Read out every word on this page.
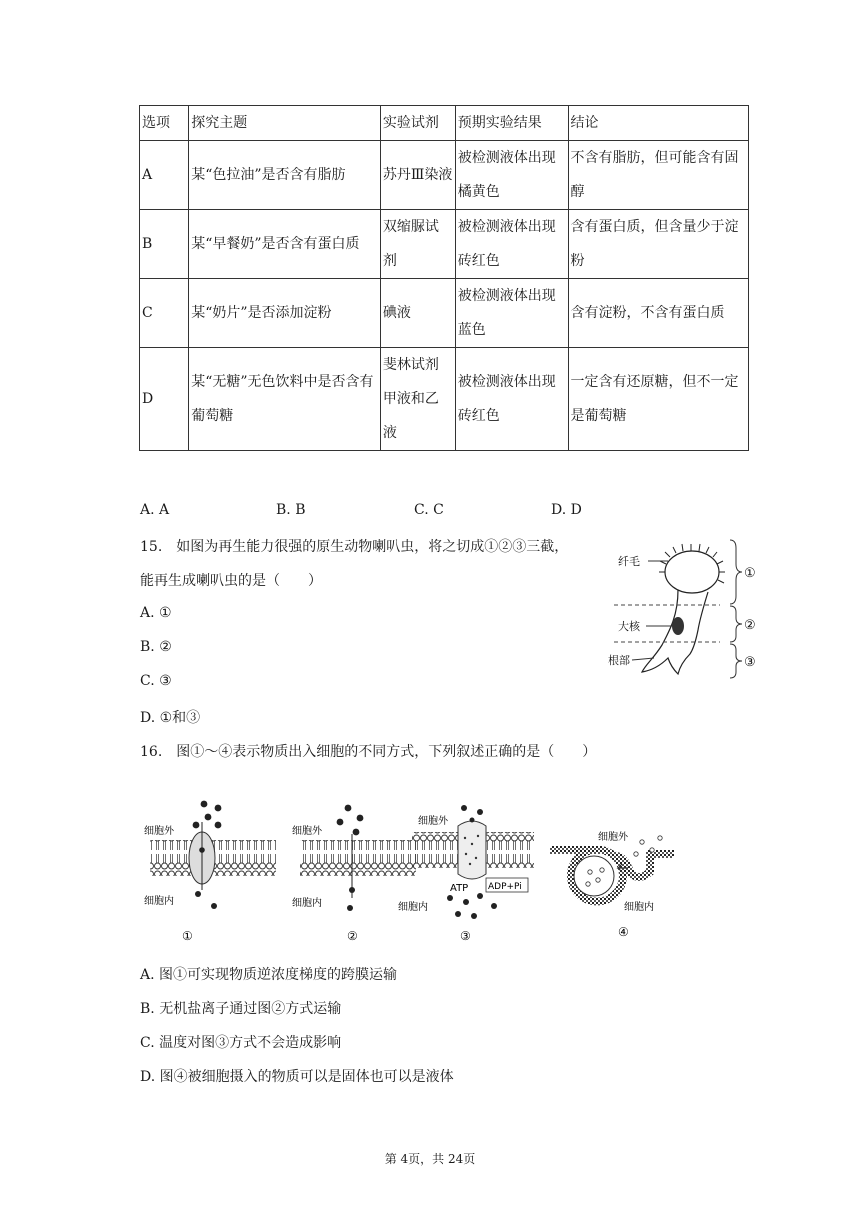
选项	探究主题	实验试剂	预期实验结果	结论
A	某“色拉油”是否含有脂肪	苏丹Ⅲ染液	被检测液体出现橘黄色	不含有脂肪，但可能含有固醇
B	某“早餐奶”是否含有蛋白质	双缩脲试剂	被检测液体出现砖红色	含有蛋白质，但含量少于淀粉
C	某“奶片”是否添加淀粉	碘液	被检测液体出现蓝色	含有淀粉，不含有蛋白质
D	某“无糖”无色饮料中是否含有葡萄糖	斐林试剂甲液和乙液	被检测液体出现砖红色	一定含有还原糖，但不一定是葡萄糖
A. A	B. B	C. C	D. D
15.　如图为再生能力很强的原生动物喇叭虫，将之切成①②③三截，
能再生成喇叭虫的是（　　）
A. ①
B. ②
C. ③
D. ①和③
纤毛
大核
根部
①
②
③
16.　图①～④表示物质出入细胞的不同方式，下列叙述正确的是（　　）
细胞外
细胞内
①
细胞外
细胞内
②
ATP ADP+Pi
细胞外
细胞内
③
细胞外
细胞内
④
A. 图①可实现物质逆浓度梯度的跨膜运输
B. 无机盐离子通过图②方式运输
C. 温度对图③方式不会造成影响
D. 图④被细胞摄入的物质可以是固体也可以是液体
第 4页，共 24页
